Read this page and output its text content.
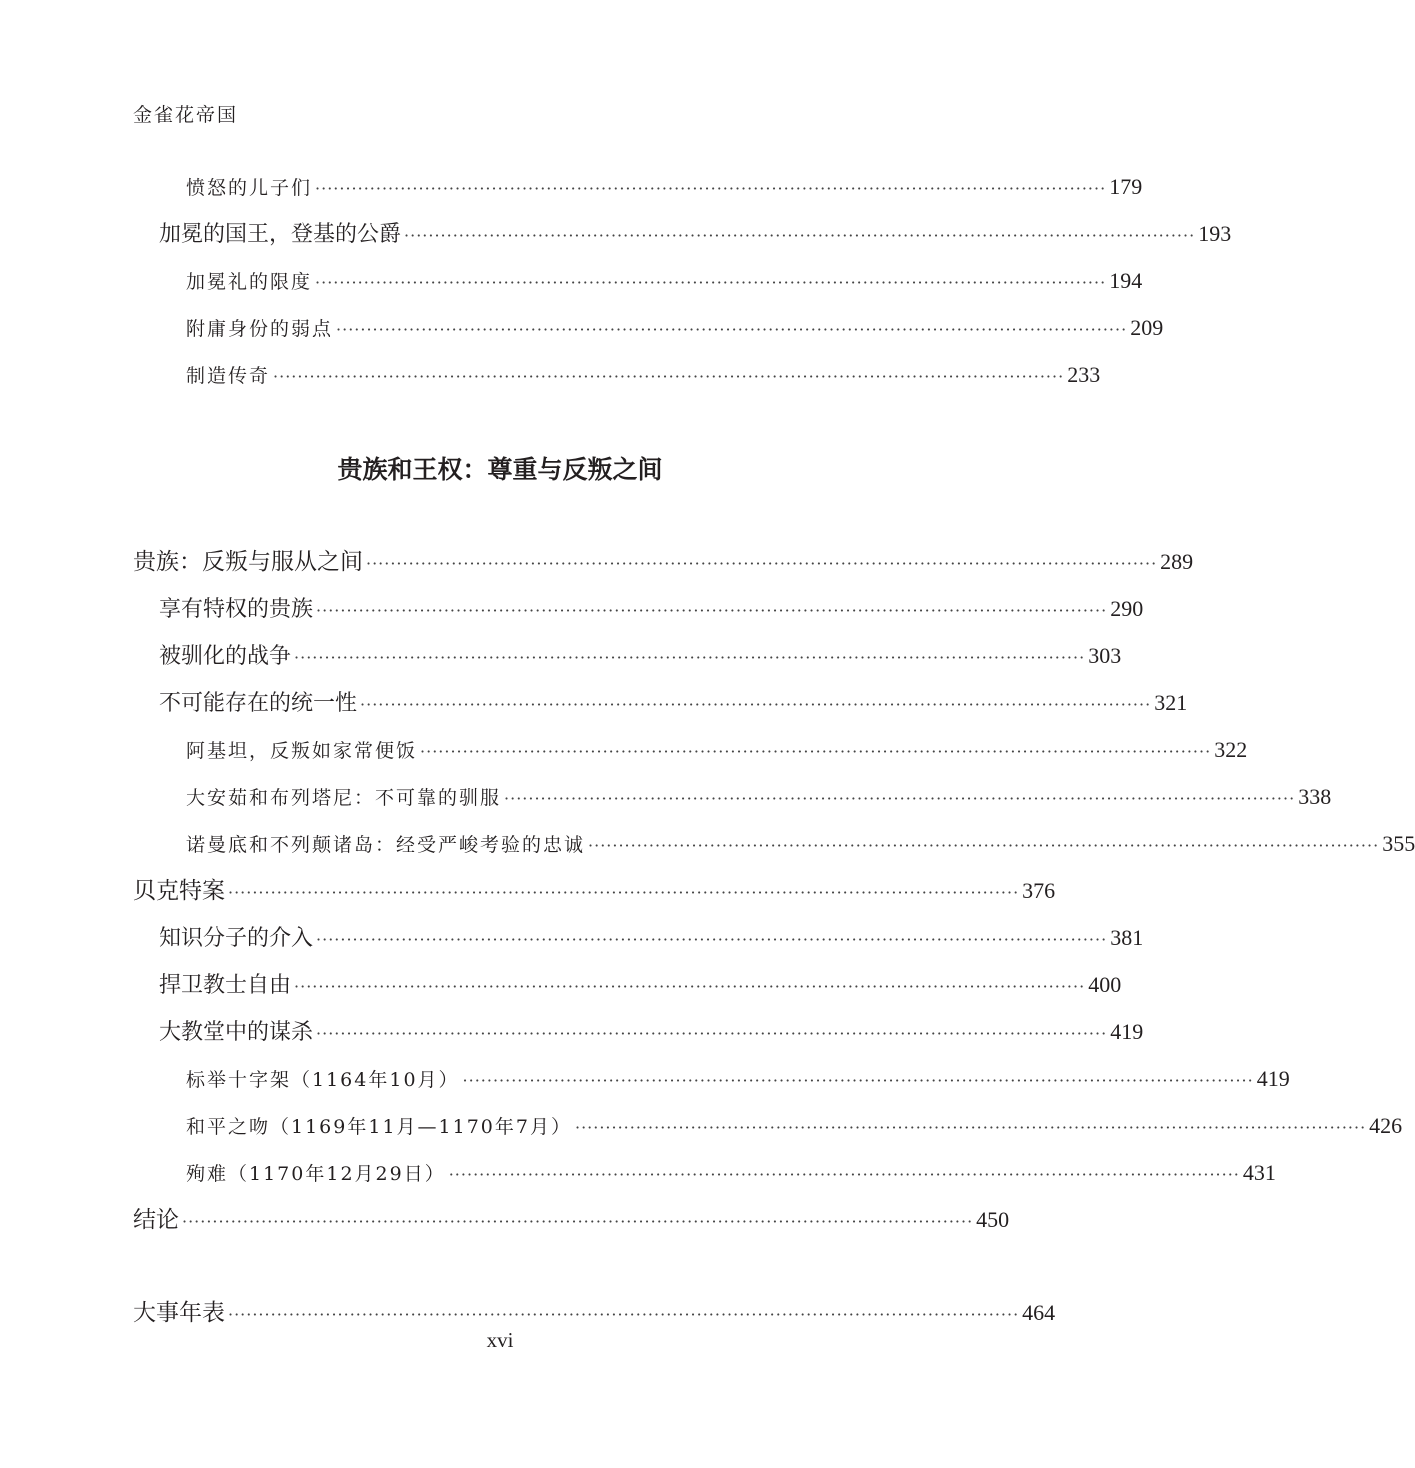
金雀花帝国
愤怒的儿子们 ·································································································································· 179
加冕的国王，登基的公爵 ·································································································································· 193
加冕礼的限度 ·································································································································· 194
附庸身份的弱点 ·································································································································· 209
制造传奇 ·································································································································· 233
贵族和王权：尊重与反叛之间
贵族：反叛与服从之间 ·································································································································· 289
享有特权的贵族 ·································································································································· 290
被驯化的战争 ·································································································································· 303
不可能存在的统一性 ·································································································································· 321
阿基坦，反叛如家常便饭 ·································································································································· 322
大安茹和布列塔尼：不可靠的驯服 ·································································································································· 338
诺曼底和不列颠诸岛：经受严峻考验的忠诚 ·································································································································· 355
贝克特案 ·································································································································· 376
知识分子的介入 ·································································································································· 381
捍卫教士自由 ·································································································································· 400
大教堂中的谋杀 ·································································································································· 419
标举十字架（1164年10月） ·································································································································· 419
和平之吻（1169年11月—1170年7月） ·································································································································· 426
殉难（1170年12月29日） ·································································································································· 431
结论 ·································································································································· 450
大事年表 ·································································································································· 464
xvi
